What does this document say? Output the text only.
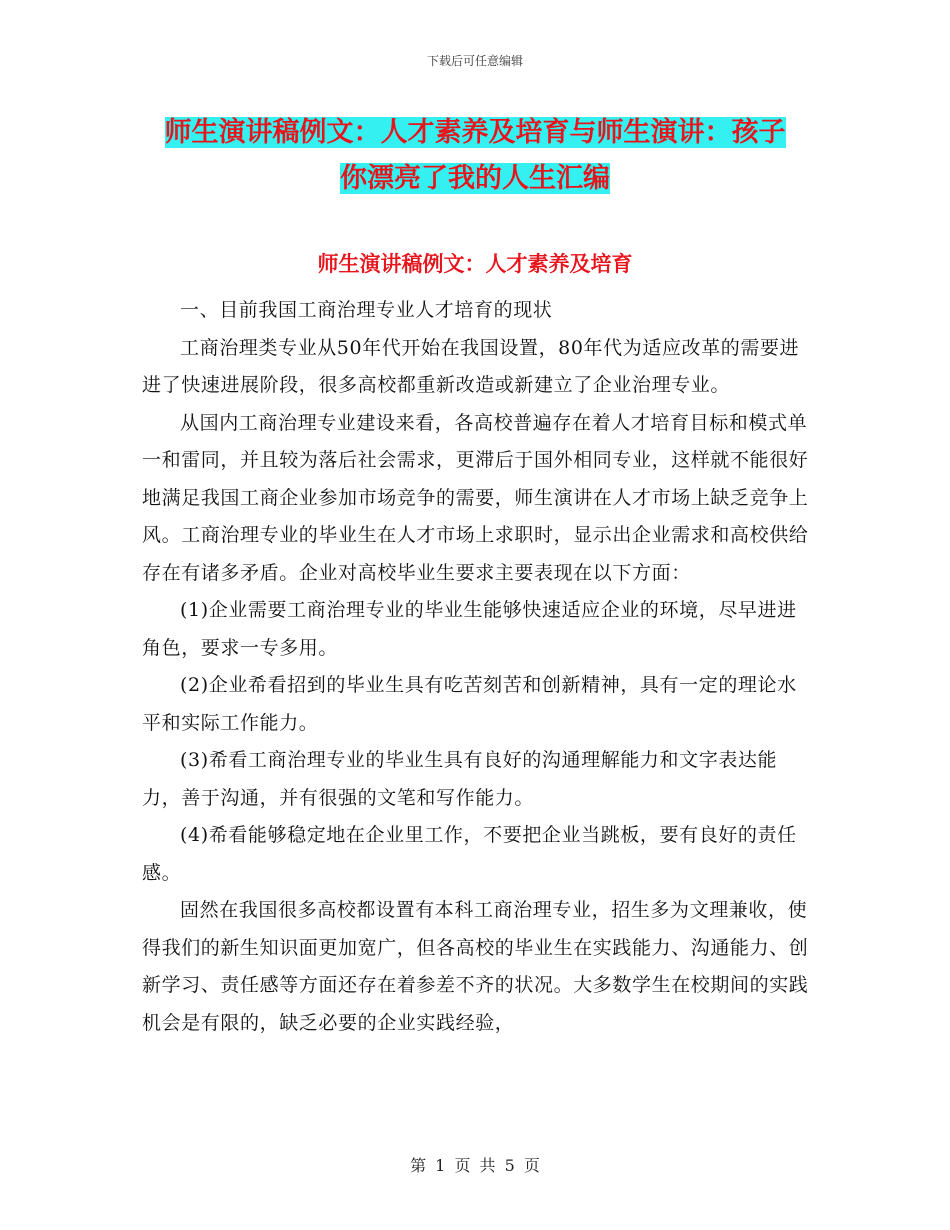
下载后可任意编辑
师生演讲稿例文：人才素养及培育与师生演讲：孩子
你漂亮了我的人生汇编
师生演讲稿例文：人才素养及培育

一、目前我国工商治理专业人才培育的现状

工商治理类专业从50年代开始在我国设置，80年代为适应改革的需要进进了快速进展阶段，很多高校都重新改造或新建立了企业治理专业。

从国内工商治理专业建设来看，各高校普遍存在着人才培育目标和模式单一和雷同，并且较为落后社会需求，更滞后于国外相同专业，这样就不能很好地满足我国工商企业参加市场竞争的需要，师生演讲在人才市场上缺乏竞争上风。工商治理专业的毕业生在人才市场上求职时，显示出企业需求和高校供给存在有诸多矛盾。企业对高校毕业生要求主要表现在以下方面：

(1)企业需要工商治理专业的毕业生能够快速适应企业的环境，尽早进进角色，要求一专多用。

(2)企业希看招到的毕业生具有吃苦刻苦和创新精神，具有一定的理论水平和实际工作能力。

(3)希看工商治理专业的毕业生具有良好的沟通理解能力和文字表达能力，善于沟通，并有很强的文笔和写作能力。

(4)希看能够稳定地在企业里工作，不要把企业当跳板，要有良好的责任感。

固然在我国很多高校都设置有本科工商治理专业，招生多为文理兼收，使得我们的新生知识面更加宽广，但各高校的毕业生在实践能力、沟通能力、创新学习、责任感等方面还存在着参差不齐的状况。大多数学生在校期间的实践机会是有限的，缺乏必要的企业实践经验，

第 1 页 共 5 页
